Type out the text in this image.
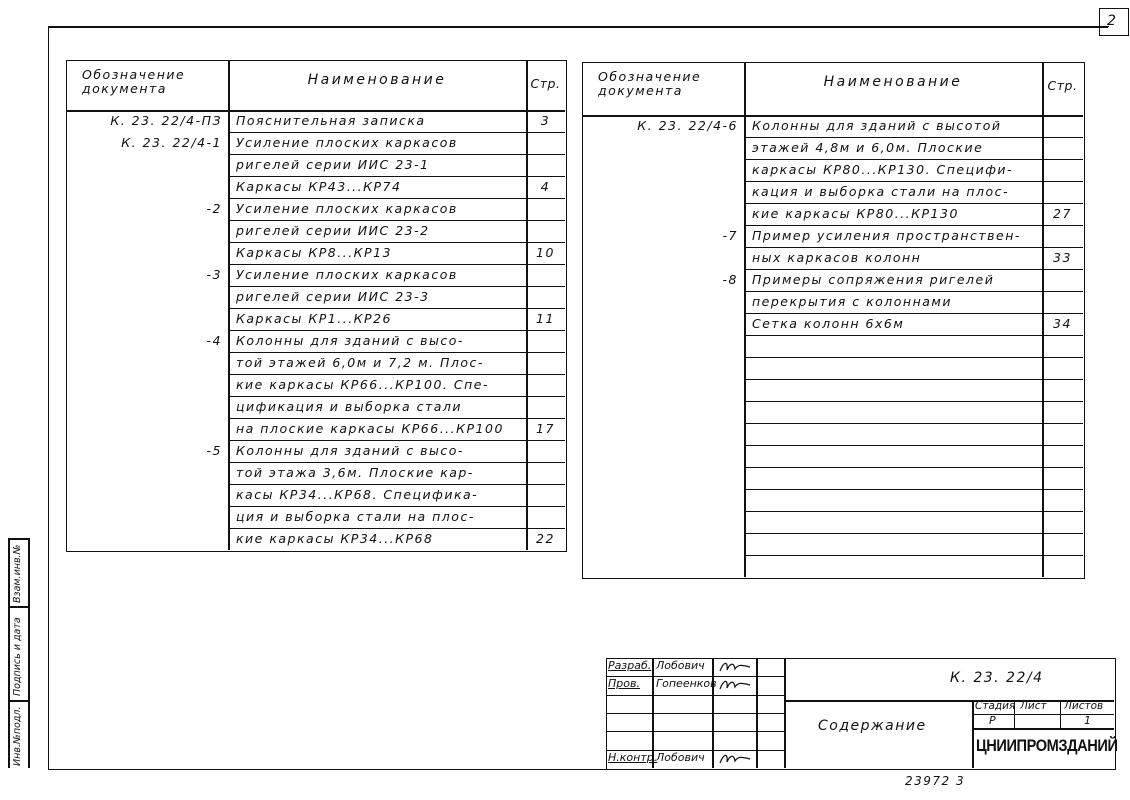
2
Взам.инв.№
Подпись и дата
Инв.№подл.
Обозначение документа
Наименование	Стр.
К. 23. 22/4-ПЗ Пояснительная записка	3
К. 23. 22/4-1 Усиление плоских каркасов
ригелей серии ИИС 23-1
Каркасы КР43...КР74	4
-2 Усиление плоских каркасов
ригелей серии ИИС 23-2
Каркасы КР8...КР13	10
-3 Усиление плоских каркасов
ригелей серии ИИС 23-3
Каркасы КР1...КР26	11
-4 Колонны для зданий с высо-
той этажей 6,0м и 7,2 м. Плос-
кие каркасы КР66...КР100. Спе-
цификация и выборка стали
на плоские каркасы КР66...КР100	17
-5 Колонны для зданий с высо-
той этажа 3,6м. Плоские кар-
касы КР34...КР68. Спецификa-
ция и выборка стали на плос-
кие каркасы КР34...КР68	22
Обозначение документа
Наименование	Стр.
К. 23. 22/4-6 Колонны для зданий с высотой
этажей 4,8м и 6,0м. Плоские
каркасы КР80...КР130. Специфи-
кация и выборка стали на плос-
кие каркасы КР80...КР130	27
-7 Пример усиления пространствен-
ных каркасов колонн	33
-8 Примеры сопряжения ригелей
перекрытия с колоннами
Сетка колонн 6х6м	34
Разраб. Лобович
Пров. Гопеенков
Н.контр.
Лобович
К. 23. 22/4
Содержание
Стадия Лист Листов
Р	1
ЦНИИПРОМЗДАНИЙ
23972 3
